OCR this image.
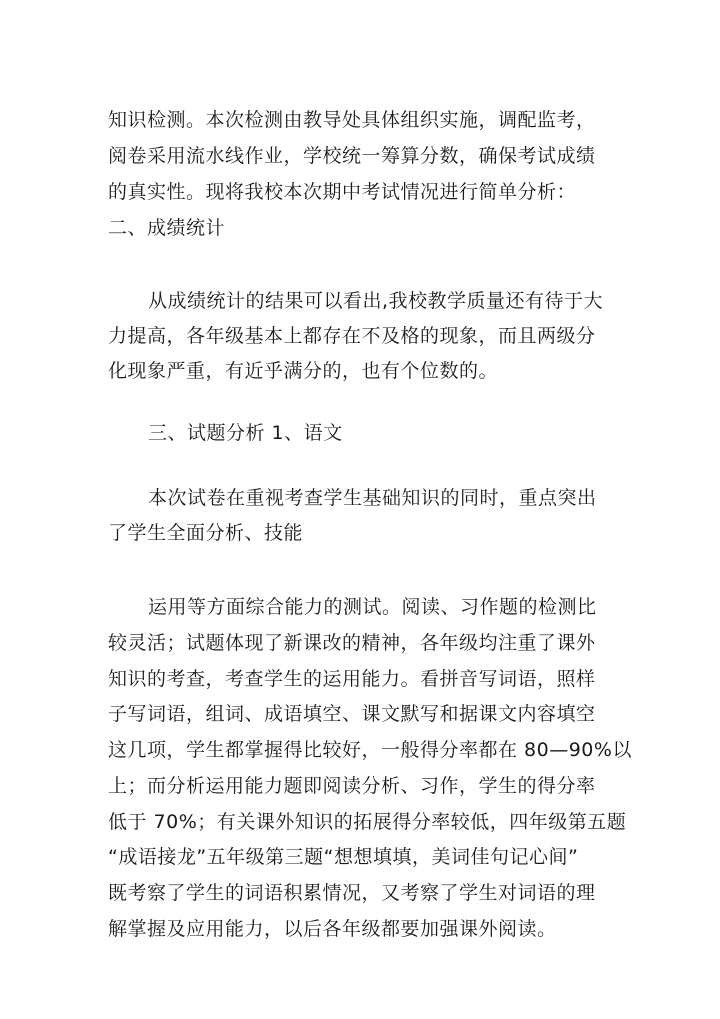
知识检测。本次检测由教导处具体组织实施，调配监考，
阅卷采用流水线作业，学校统一筹算分数，确保考试成绩
的真实性。现将我校本次期中考试情况进行简单分析：
二、成绩统计
从成绩统计的结果可以看出,我校教学质量还有待于大
力提高，各年级基本上都存在不及格的现象，而且两级分
化现象严重，有近乎满分的，也有个位数的。
三、试题分析 1、语文
本次试卷在重视考查学生基础知识的同时，重点突出
了学生全面分析、技能
运用等方面综合能力的测试。阅读、习作题的检测比
较灵活；试题体现了新课改的精神，各年级均注重了课外
知识的考查，考查学生的运用能力。看拼音写词语，照样
子写词语，组词、成语填空、课文默写和据课文内容填空
这几项，学生都掌握得比较好，一般得分率都在 80—90%以
上；而分析运用能力题即阅读分析、习作，学生的得分率
低于 70%；有关课外知识的拓展得分率较低，四年级第五题
“成语接龙”五年级第三题“想想填填，美词佳句记心间”
既考察了学生的词语积累情况，又考察了学生对词语的理
解掌握及应用能力，以后各年级都要加强课外阅读。
